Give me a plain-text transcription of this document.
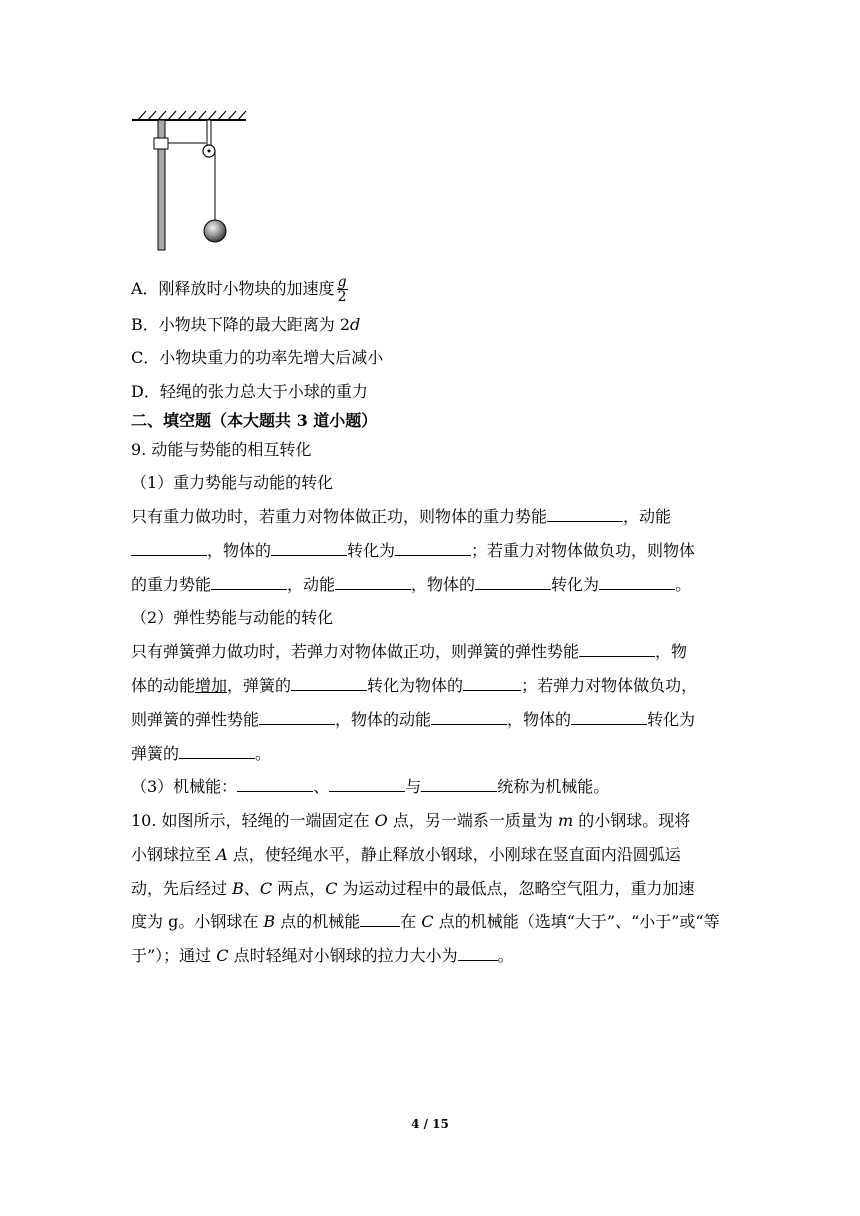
A．刚释放时小物块的加速度 $\frac{g}{2}$
B．小物块下降的最大距离为 2d
C．小物块重力的功率先增大后减小
D．轻绳的张力总大于小球的重力
二、填空题（本大题共 3 道小题）
9. 动能与势能的相互转化
（1）重力势能与动能的转化
只有重力做功时，若重力对物体做正功，则物体的重力势能	，动能
，物体的	转化为	；若重力对物体做负功，则物体
的重力势能	，动能	，物体的	转化为	。
（2）弹性势能与动能的转化
只有弹簧弹力做功时，若弹力对物体做正功，则弹簧的弹性势能	，物
体的动能增加，弹簧的	转化为物体的	；若弹力对物体做负功，
则弹簧的弹性势能	，物体的动能	，物体的	转化为
弹簧的	。
（3）机械能：	、	与	统称为机械能。
10. 如图所示，轻绳的一端固定在 O 点，另一端系一质量为 m 的小钢球。现将
小钢球拉至 A 点，使轻绳水平，静止释放小钢球，小刚球在竖直面内沿圆弧运
动，先后经过 B、C 两点，C 为运动过程中的最低点，忽略空气阻力，重力加速
度为 g。小钢球在 B 点的机械能	在 C 点的机械能（选填“大于”、“小于”或“等
于”）；通过 C 点时轻绳对小钢球的拉力大小为	。
4 / 15
